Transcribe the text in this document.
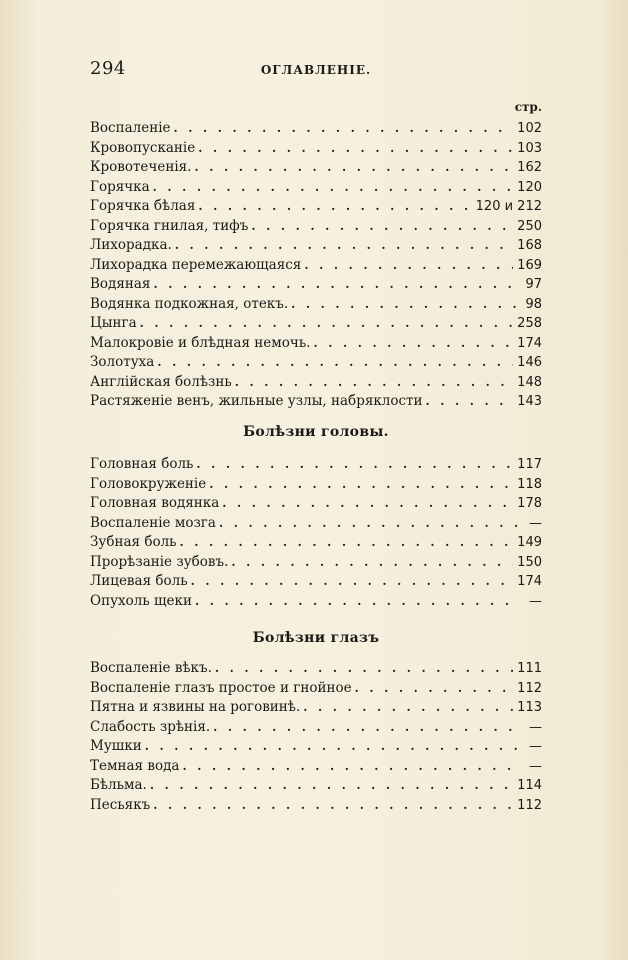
294	ОГЛАВЛЕНІЕ.
стр.
Воспаленіе . . .	102
Кровопусканіе . . .	103
Кровотеченія. . . .	162
Горячка . . .	120
Горячка бѣлая . . .	120 и 212
Горячка гнилая, тифъ . . .	250
Лихорадка. . . .	168
Лихорадка перемежающаяся . . .	169
Водяная . . .	97
Водянка подкожная, отекъ. . . .	98
Цынга . . .	258
Малокровіе и блѣдная немочь. . . .	174
Золотуха . . .	146
Англійская болѣзнь . . .	148
Растяженіе венъ, жильные узлы, набряклости . . .	143
Болѣзни головы.
Головная боль . . .	117
Головокруженіе . . .	118
Головная водянка . . .	178
Воспаленіе мозга . . .	—
Зубная боль . . .	149
Прорѣзаніе зубовъ. . . .	150
Лицевая боль . . .	174
Опухоль щеки . . .	—
Болѣзни глазъ
Воспаленіе вѣкъ. . . .	111
Воспаленіе глазъ простое и гнойное . . .	112
Пятна и язвины на роговинѣ. . . .	113
Слабость зрѣнія. . . .	—
Мушки . . .	—
Темная вода . . .	—
Бѣльма. . . .	114
Песьякъ . . .	112
